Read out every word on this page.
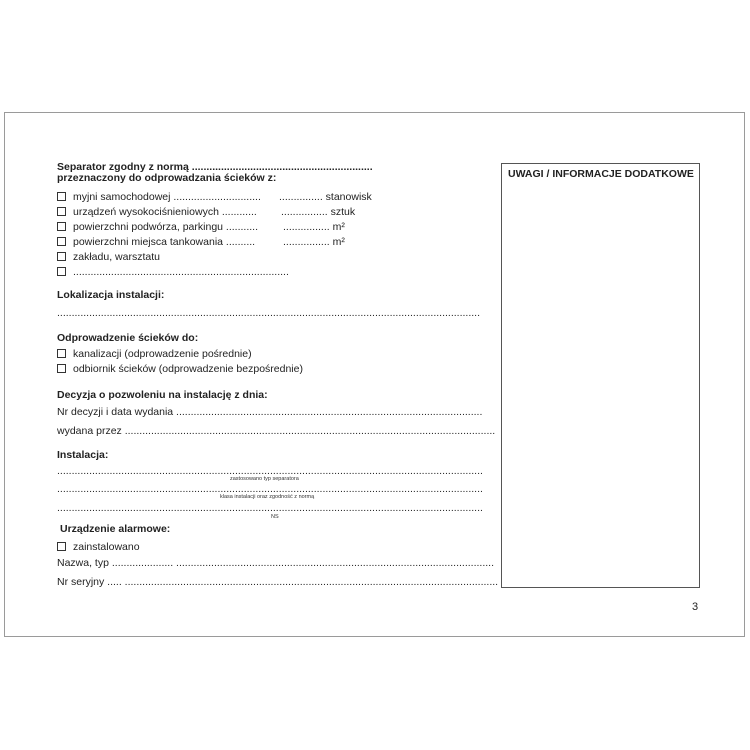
Separator zgodny z normą ..............................................................
przeznaczony do odprowadzania ścieków z:
myjni samochodowej .............................. ............... stanowisk
urządzeń wysokociśnieniowych ............ ................ sztuk
powierzchni podwórza, parkingu ........... ................ m²
powierzchni miejsca tankowania ..........	................ m²
zakładu, warsztatu
..........................................................................
Lokalizacja instalacji:
.................................................................................................................................................
Odprowadzenie ścieków do:
kanalizacji (odprowadzenie pośrednie)
odbiornik ścieków (odprowadzenie bezpośrednie)
Decyzja o pozwoleniu na instalację z dnia:
Nr decyzji i data wydania .........................................................................................................
wydana przez ...............................................................................................................................
Instalacja:
..................................................................................................................................................
zastosowano typ separatora
..................................................................................................................................................
klasa instalacji oraz zgodność z normą
..................................................................................................................................................
NS
Urządzenie alarmowe:
zainstalowano
Nazwa, typ ..................... .............................................................................................................
Nr seryjny ..... ................................................................................................................................
UWAGI / INFORMACJE DODATKOWE
3
